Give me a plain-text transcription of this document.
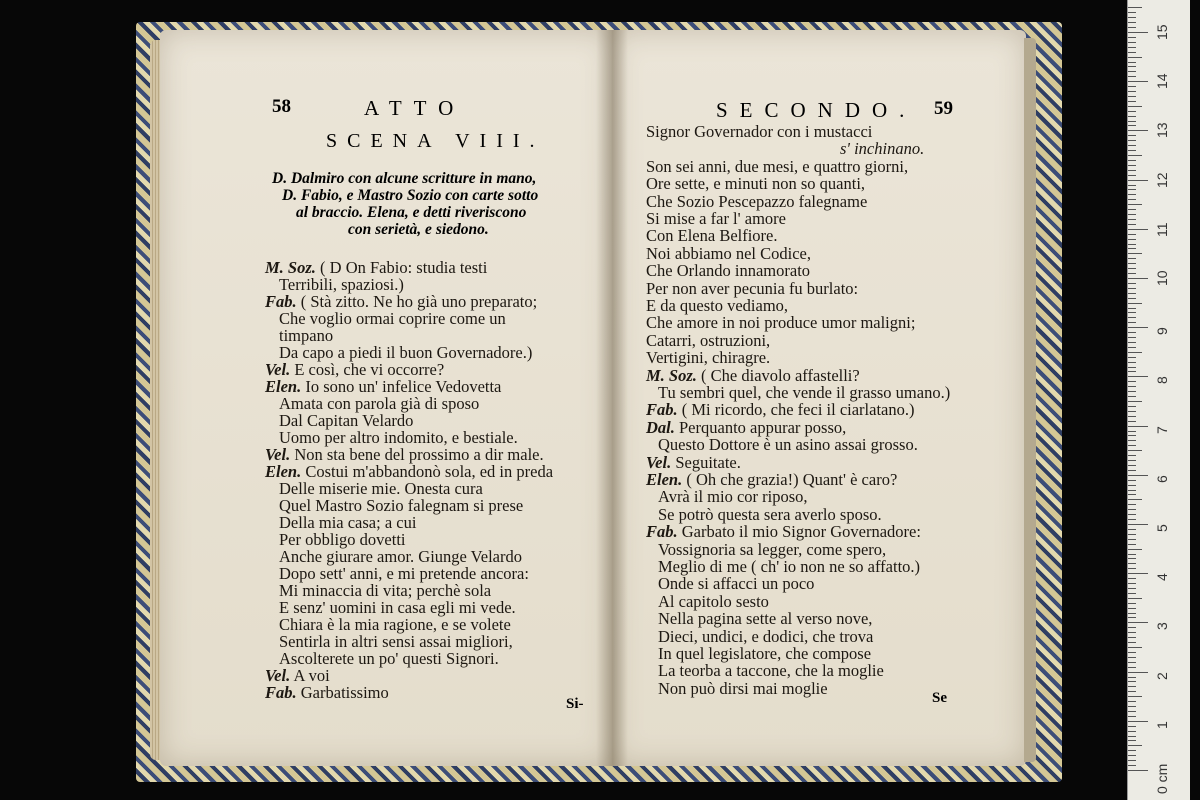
M. Soz. ( D On Fabio: studia testi
Terribili, spaziosi.)
Fab. ( Stà zitto. Ne ho già uno preparato;
Che voglio ormai coprire come un
timpano
Da capo a piedi il buon Governadore.)
Vel. E così, che vi occorre?
Elen. Io sono un' infelice Vedovetta
Amata con parola già di sposo
Dal Capitan Velardo
Uomo per altro indomito, e bestiale.
Vel. Non sta bene del prossimo a dir male.
Elen. Costui m'abbandonò sola, ed in preda
Delle miserie mie. Onesta cura
Quel Mastro Sozio falegnam si prese
Della mia casa; a cui
Per obbligo dovetti
Anche giurare amor. Giunge Velardo
Dopo sett' anni, e mi pretende ancora:
Mi minaccia di vita; perchè sola
E senz' uomini in casa egli mi vede.
Chiara è la mia ragione, e se volete
Sentirla in altri sensi assai migliori,
Ascolterete un po' questi Signori.
Vel. A voi
Fab. Garbatissimo
Signor Governador con i mustacci
s' inchinano.
Son sei anni, due mesi, e quattro giorni,
Ore sette, e minuti non so quanti,
Che Sozio Pescepazzo falegname
Si mise a far l' amore
Con Elena Belfiore.
Noi abbiamo nel Codice,
Che Orlando innamorato
Per non aver pecunia fu burlato:
E da questo vediamo,
Che amore in noi produce umor maligni;
Catarri, ostruzioni,
Vertigini, chiragre.
M. Soz. ( Che diavolo affastelli?
Tu sembri quel, che vende il grasso umano.)
Fab. ( Mi ricordo, che feci il ciarlatano.)
Dal. Perquanto appurar posso,
Questo Dottore è un asino assai grosso.
Vel. Seguitate.
Elen. ( Oh che grazia!) Quant' è caro?
Avrà il mio cor riposo,
Se potrò questa sera averlo sposo.
Fab. Garbato il mio Signor Governadore:
Vossignoria sa legger, come spero,
Meglio di me ( ch' io non ne so affatto.)
Onde si affacci un poco
Al capitolo sesto
Nella pagina sette al verso nove,
Dieci, undici, e dodici, che trova
In quel legislatore, che compose
La teorba a taccone, che la moglie
Non può dirsi mai moglie
58	ATTO
SCENA VIII.
D. Dalmiro con alcune scritture in mano,
D. Fabio, e Mastro Sozio con carte sotto
al braccio. Elena, e detti riveriscono
con serietà, e siedono.
Si-
SECONDO. 59
Se
0 cm
1
2
3
4
5
6
7
8
9
10
11
12
13
14
15
